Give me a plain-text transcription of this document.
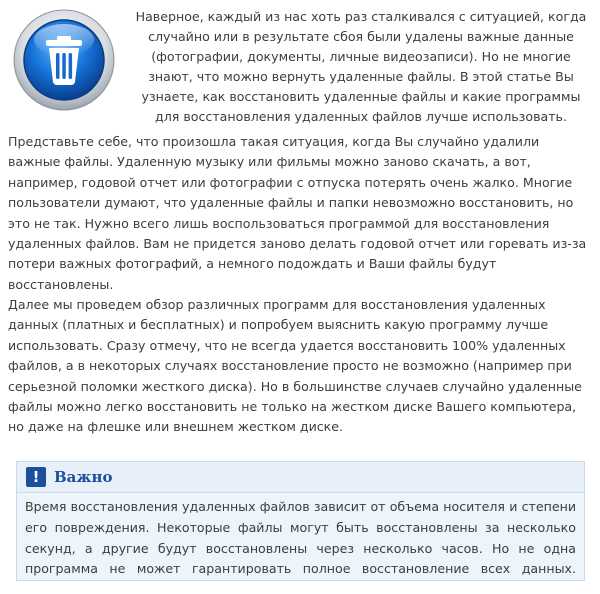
Наверное, каждый из нас хоть раз сталкивался с ситуацией, когда случайно или в результате сбоя были удалены важные данные (фотографии, документы, личные видеозаписи). Но не многие знают, что можно вернуть удаленные файлы. В этой статье Вы узнаете, как восстановить удаленные файлы и какие программы для восстановления удаленных файлов лучше использовать.
Представьте себе, что произошла такая ситуация, когда Вы случайно удалили важные файлы. Удаленную музыку или фильмы можно заново скачать, а вот, например, годовой отчет или фотографии с отпуска потерять очень жалко. Многие пользователи думают, что удаленные файлы и папки невозможно восстановить, но это не так. Нужно всего лишь воспользоваться программой для восстановления удаленных файлов. Вам не придется заново делать годовой отчет или горевать из-за потери важных фотографий, а немного подождать и Ваши файлы будут восстановлены.
Далее мы проведем обзор различных программ для восстановления удаленных данных (платных и бесплатных) и попробуем выяснить какую программу лучше использовать. Сразу отмечу, что не всегда удается восстановить 100% удаленных файлов, а в некоторых случаях восстановление просто не возможно (например при серьезной поломки жесткого диска). Но в большинстве случаев случайно удаленные файлы можно легко восстановить не только на жестком диске Вашего компьютера, но даже на флешке или внешнем жестком диске.
! Важно
Время восстановления удаленных файлов зависит от объема носителя и степени его повреждения. Некоторые файлы могут быть восстановлены за несколько секунд, а другие будут восстановлены через несколько часов. Но не одна программа не может гарантировать полное восстановление всех данных.
